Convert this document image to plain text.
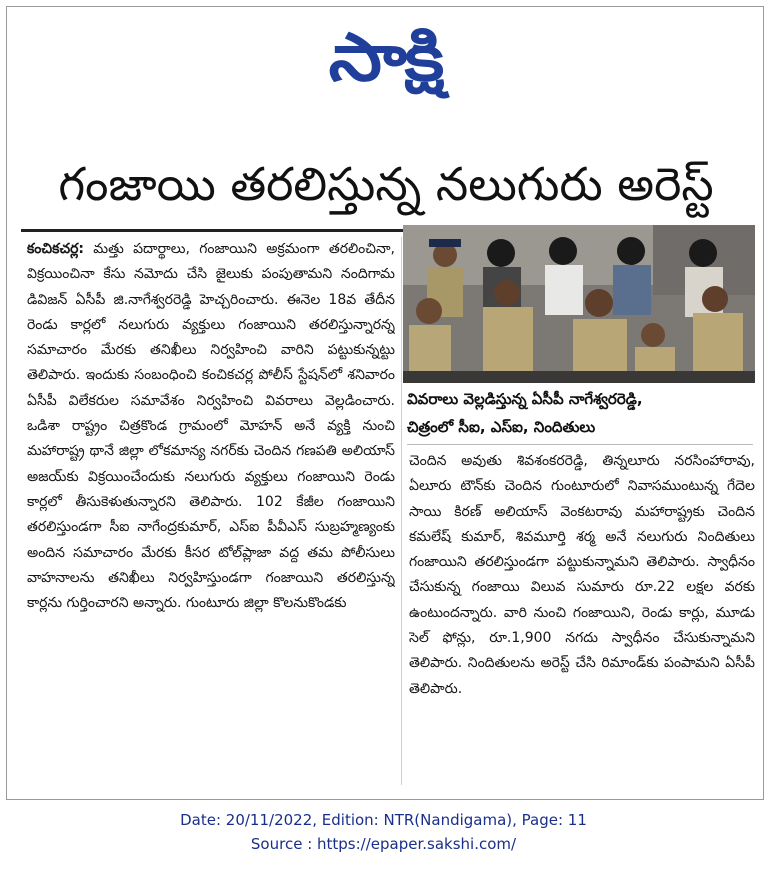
సాక్షి
గంజాయి తరలిస్తున్న నలుగురు అరెస్ట్
కంచికచర్ల: మత్తు పదార్థాలు, గంజాయిని అక్రమంగా తరలించినా, విక్రయించినా కేసు నమోదు చేసి జైలుకు పంపుతామని నందిగామ డివిజన్ ఏసీపీ జి.నాగేశ్వరరెడ్డి హెచ్చరించారు. ఈనెల 18వ తేదీన రెండు కార్లలో నలుగురు వ్యక్తులు గంజాయిని తరలిస్తున్నారన్న సమాచారం మేరకు తనిఖీలు నిర్వహించి వారిని పట్టుకున్నట్టు తెలిపారు. ఇందుకు సంబంధించి కంచికచర్ల పోలీస్ స్టేషన్‌లో శనివారం ఏసీపీ విలేకరుల సమావేశం నిర్వహించి వివరాలు వెల్లడించారు. ఒడిశా రాష్ట్రం చిత్రకొండ గ్రామంలో మోహన్ అనే వ్యక్తి నుంచి మహారాష్ట్ర థానే జిల్లా లోకమాన్య నగర్‌కు చెందిన గణపతి అలియాస్ అజయ్‌కు విక్రయించేందుకు నలుగురు వ్యక్తులు గంజాయిని రెండు కార్లలో తీసుకెళుతున్నారని తెలిపారు. 102 కేజీల గంజాయిని తరలిస్తుండగా సీఐ నాగేంద్రకుమార్, ఎస్ఐ పీవీఎస్ సుబ్రహ్మణ్యంకు అందిన సమాచారం మేరకు కీసర టోల్‌ప్లాజా వద్ద తమ పోలీసులు వాహనాలను తనిఖీలు నిర్వహిస్తుండగా గంజాయిని తరలిస్తున్న కార్లను గుర్తించారని అన్నారు. గుంటూరు జిల్లా కొలనుకొండకు
వివరాలు వెల్లడిస్తున్న ఏసీపీ నాగేశ్వరరెడ్డి,
చిత్రంలో సీఐ, ఎస్ఐ, నిందితులు
చెందిన అవుతు శివశంకరరెడ్డి, తిన్నలూరు నరసింహారావు, ఏలూరు టౌన్‌కు చెందిన గుంటూరులో నివాసముంటున్న గేదెల సాయి కిరణ్ అలియాస్ వెంకటరావు మహారాష్ట్రకు చెందిన కమలేష్ కుమార్, శివమూర్తి శర్మ అనే నలుగురు నిందితులు గంజాయిని తరలిస్తుండగా పట్టుకున్నామని తెలిపారు. స్వాధీనం చేసుకున్న గంజాయి విలువ సుమారు రూ.22 లక్షల వరకు ఉంటుందన్నారు. వారి నుంచి గంజాయిని, రెండు కార్లు, మూడు సెల్ ఫోన్లు, రూ.1,900 నగదు స్వాధీనం చేసుకున్నామని తెలిపారు. నిందితులను అరెస్ట్ చేసి రిమాండ్‌కు పంపామని ఏసీపీ తెలిపారు.
Date: 20/11/2022, Edition: NTR(Nandigama), Page: 11
Source : https://epaper.sakshi.com/
